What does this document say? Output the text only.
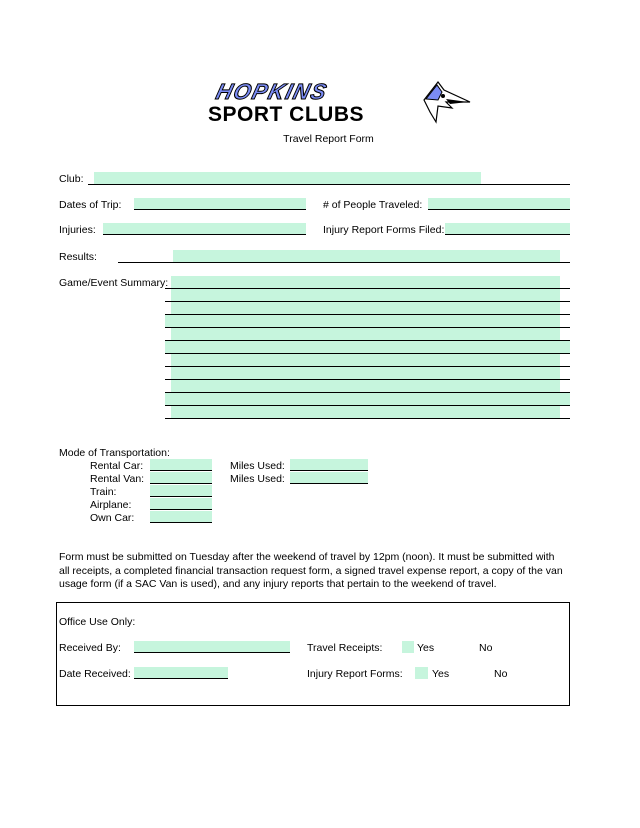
HOPKINS
SPORT CLUBS
Travel Report Form
Club:
Dates of Trip:	# of People Traveled:
Injuries:	Injury Report Forms Filed:
Results:
Game/Event Summary:
Mode of Transportation:
Rental Car:	Miles Used:
Rental Van:	Miles Used:
Train:
Airplane:
Own Car:
Form must be submitted on Tuesday after the weekend of travel by 12pm (noon). It must be submitted with all receipts, a completed financial transaction request form, a signed travel expense report, a copy of the van usage form (if a SAC Van is used), and any injury reports that pertain to the weekend of travel.
Office Use Only:
Received By:	Travel Receipts:	Yes	No
Date Received:	Injury Report Forms:	Yes	No
